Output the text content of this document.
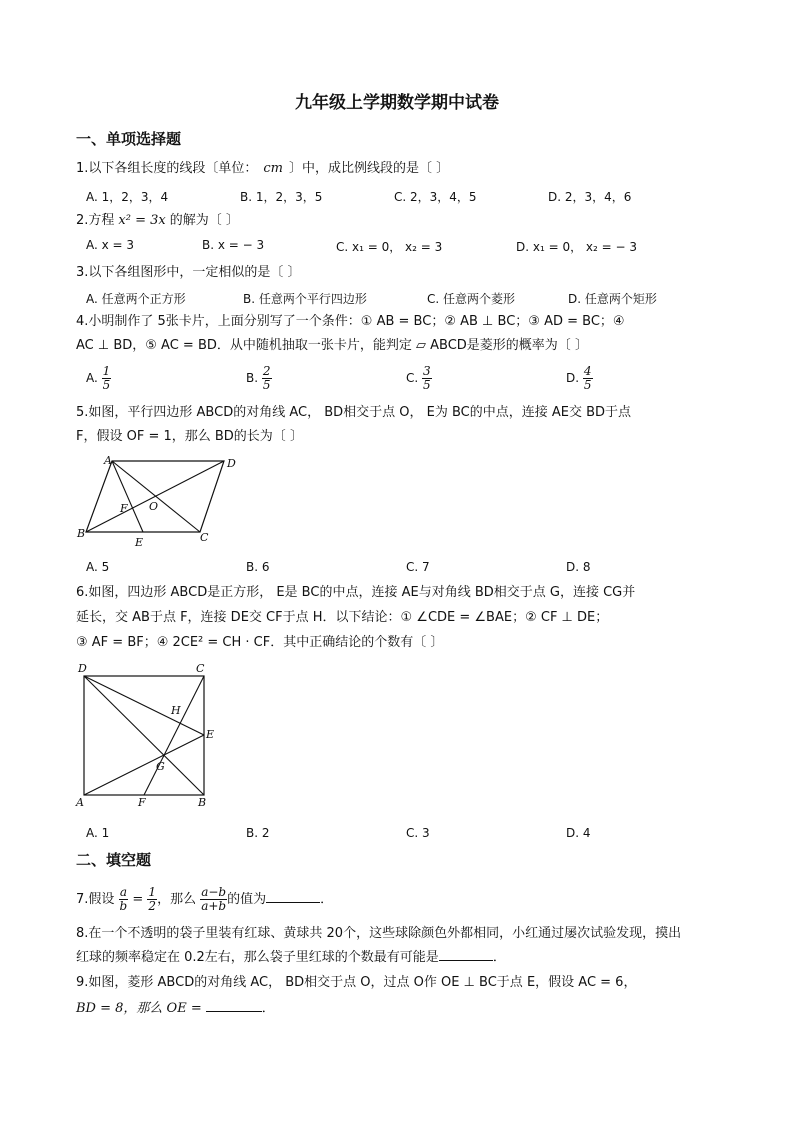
九年级上学期数学期中试卷
一、单项选择题
1.以下各组长度的线段〔单位： cm 〕中，成比例线段的是〔 〕
A. 1，2，3，4	B. 1，2，3，5	C. 2，3，4，5	D. 2，3，4，6
2.方程 x² = 3x 的解为〔 〕
A. x = 3	B. x = − 3	C. x₁ = 0， x₂ = 3	D. x₁ = 0， x₂ = − 3
3.以下各组图形中，一定相似的是〔 〕
A. 任意两个正方形	B. 任意两个平行四边形	C. 任意两个菱形	D. 任意两个矩形
4.小明制作了 5张卡片，上面分别写了一个条件：① AB = BC；② AB ⊥ BC；③ AD = BC；④
AC ⊥ BD，⑤ AC = BD．从中随机抽取一张卡片，能判定 ▱ ABCD是菱形的概率为〔 〕
A. $\frac{1}{5}$	B. $\frac{2}{5}$	C. $\frac{3}{5}$	D. $\frac{4}{5}$
5.如图，平行四边形 ABCD的对角线 AC， BD相交于点 O， E为 BC的中点，连接 AE交 BD于点
F，假设 OF = 1，那么 BD的长为〔 〕
A	D
F O
B
E	C
A. 5	B. 6	C. 7	D. 8
6.如图，四边形 ABCD是正方形， E是 BC的中点，连接 AE与对角线 BD相交于点 G，连接 CG并
延长，交 AB于点 F，连接 DE交 CF于点 H．以下结论：① ∠CDE = ∠BAE；② CF ⊥ DE；
③ AF = BF；④ 2CE² = CH · CF．其中正确结论的个数有〔 〕
D	C
H
E
G
A	F	B
A. 1	B. 2	C. 3	D. 4
二、填空题
7.假设 $\frac{a}{b} = \frac{1}{2}$ ，那么 $\frac{a-b}{a+b}$ 的值为	．
8.在一个不透明的袋子里装有红球、黄球共 20个，这些球除颜色外都相同，小红通过屡次试验发现，摸出
红球的频率稳定在 0.2左右，那么袋子里红球的个数最有可能是	．
9.如图，菱形 ABCD的对角线 AC， BD相交于点 O，过点 O作 OE ⊥ BC于点 E，假设 AC = 6，
BD = 8，那么 OE =	．
